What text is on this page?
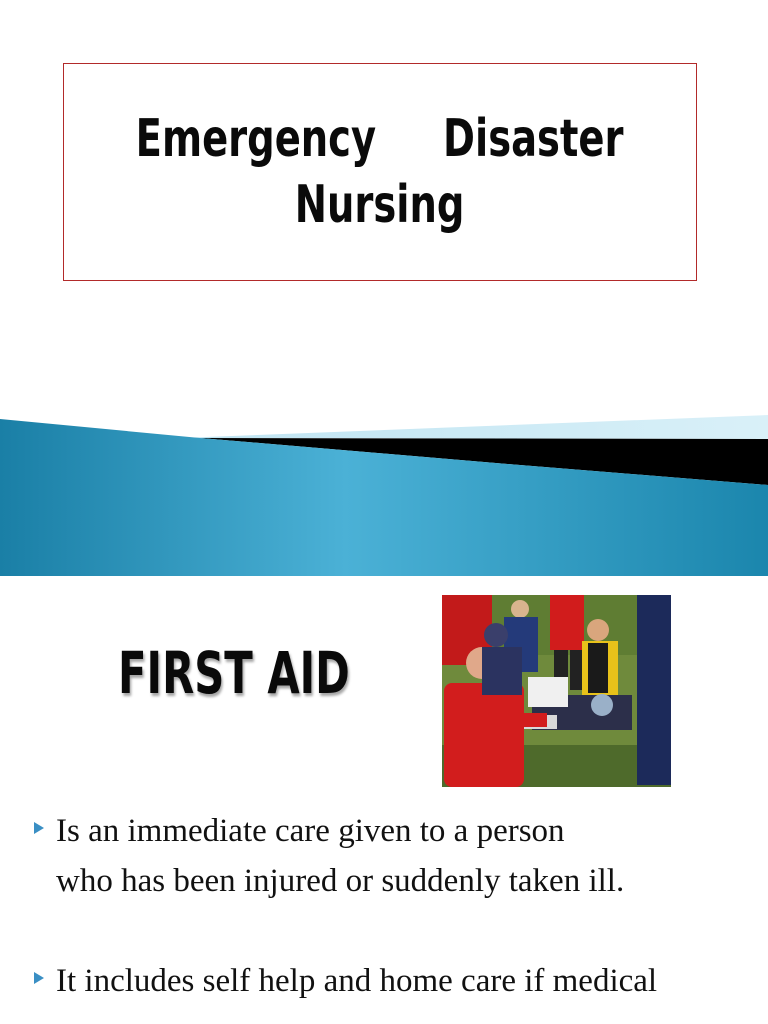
Emergency     Disaster
Nursing
FIRST AID
Is an immediate care given to a person
who has been injured or suddenly taken ill.
It includes self help and home care if medical
